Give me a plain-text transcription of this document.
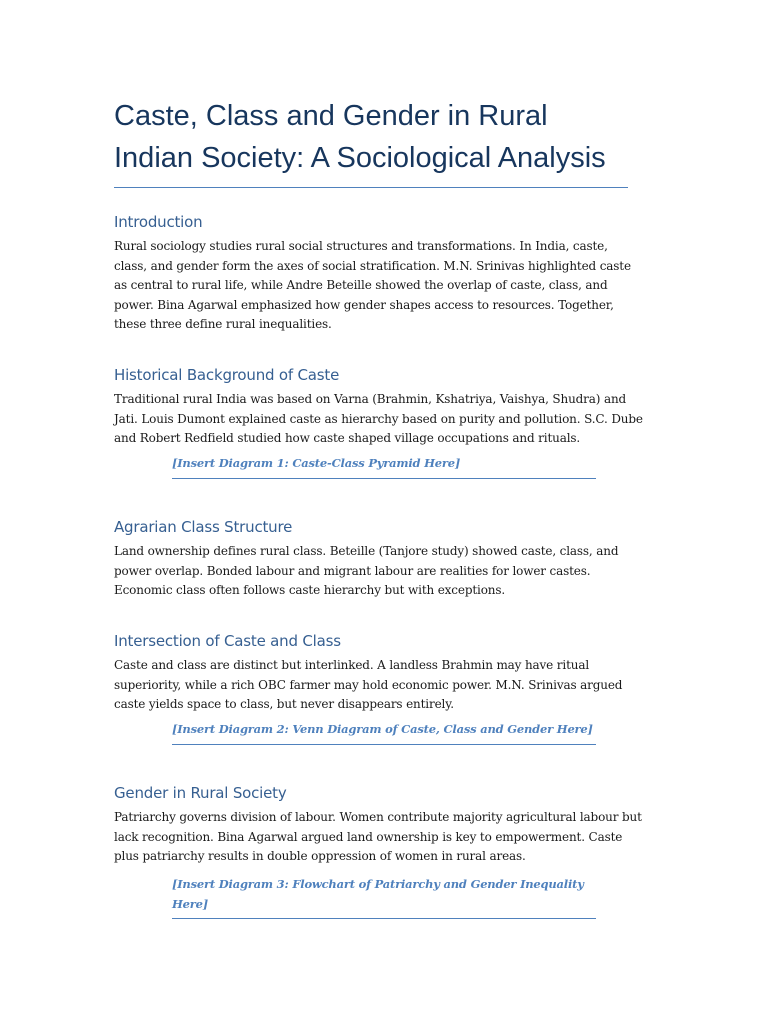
Caste, Class and Gender in Rural Indian Society: A Sociological Analysis
Introduction

Rural sociology studies rural social structures and transformations. In India, caste, class, and gender form the axes of social stratification. M.N. Srinivas highlighted caste as central to rural life, while Andre Beteille showed the overlap of caste, class, and power. Bina Agarwal emphasized how gender shapes access to resources. Together, these three define rural inequalities.

Historical Background of Caste

Traditional rural India was based on Varna (Brahmin, Kshatriya, Vaishya, Shudra) and Jati. Louis Dumont explained caste as hierarchy based on purity and pollution. S.C. Dube and Robert Redfield studied how caste shaped village occupations and rituals.

[Insert Diagram 1: Caste-Class Pyramid Here]

Agrarian Class Structure

Land ownership defines rural class. Beteille (Tanjore study) showed caste, class, and power overlap. Bonded labour and migrant labour are realities for lower castes. Economic class often follows caste hierarchy but with exceptions.

Intersection of Caste and Class

Caste and class are distinct but interlinked. A landless Brahmin may have ritual superiority, while a rich OBC farmer may hold economic power. M.N. Srinivas argued caste yields space to class, but never disappears entirely.

[Insert Diagram 2: Venn Diagram of Caste, Class and Gender Here]

Gender in Rural Society

Patriarchy governs division of labour. Women contribute majority agricultural labour but lack recognition. Bina Agarwal argued land ownership is key to empowerment. Caste plus patriarchy results in double oppression of women in rural areas.

[Insert Diagram 3: Flowchart of Patriarchy and Gender Inequality Here]
